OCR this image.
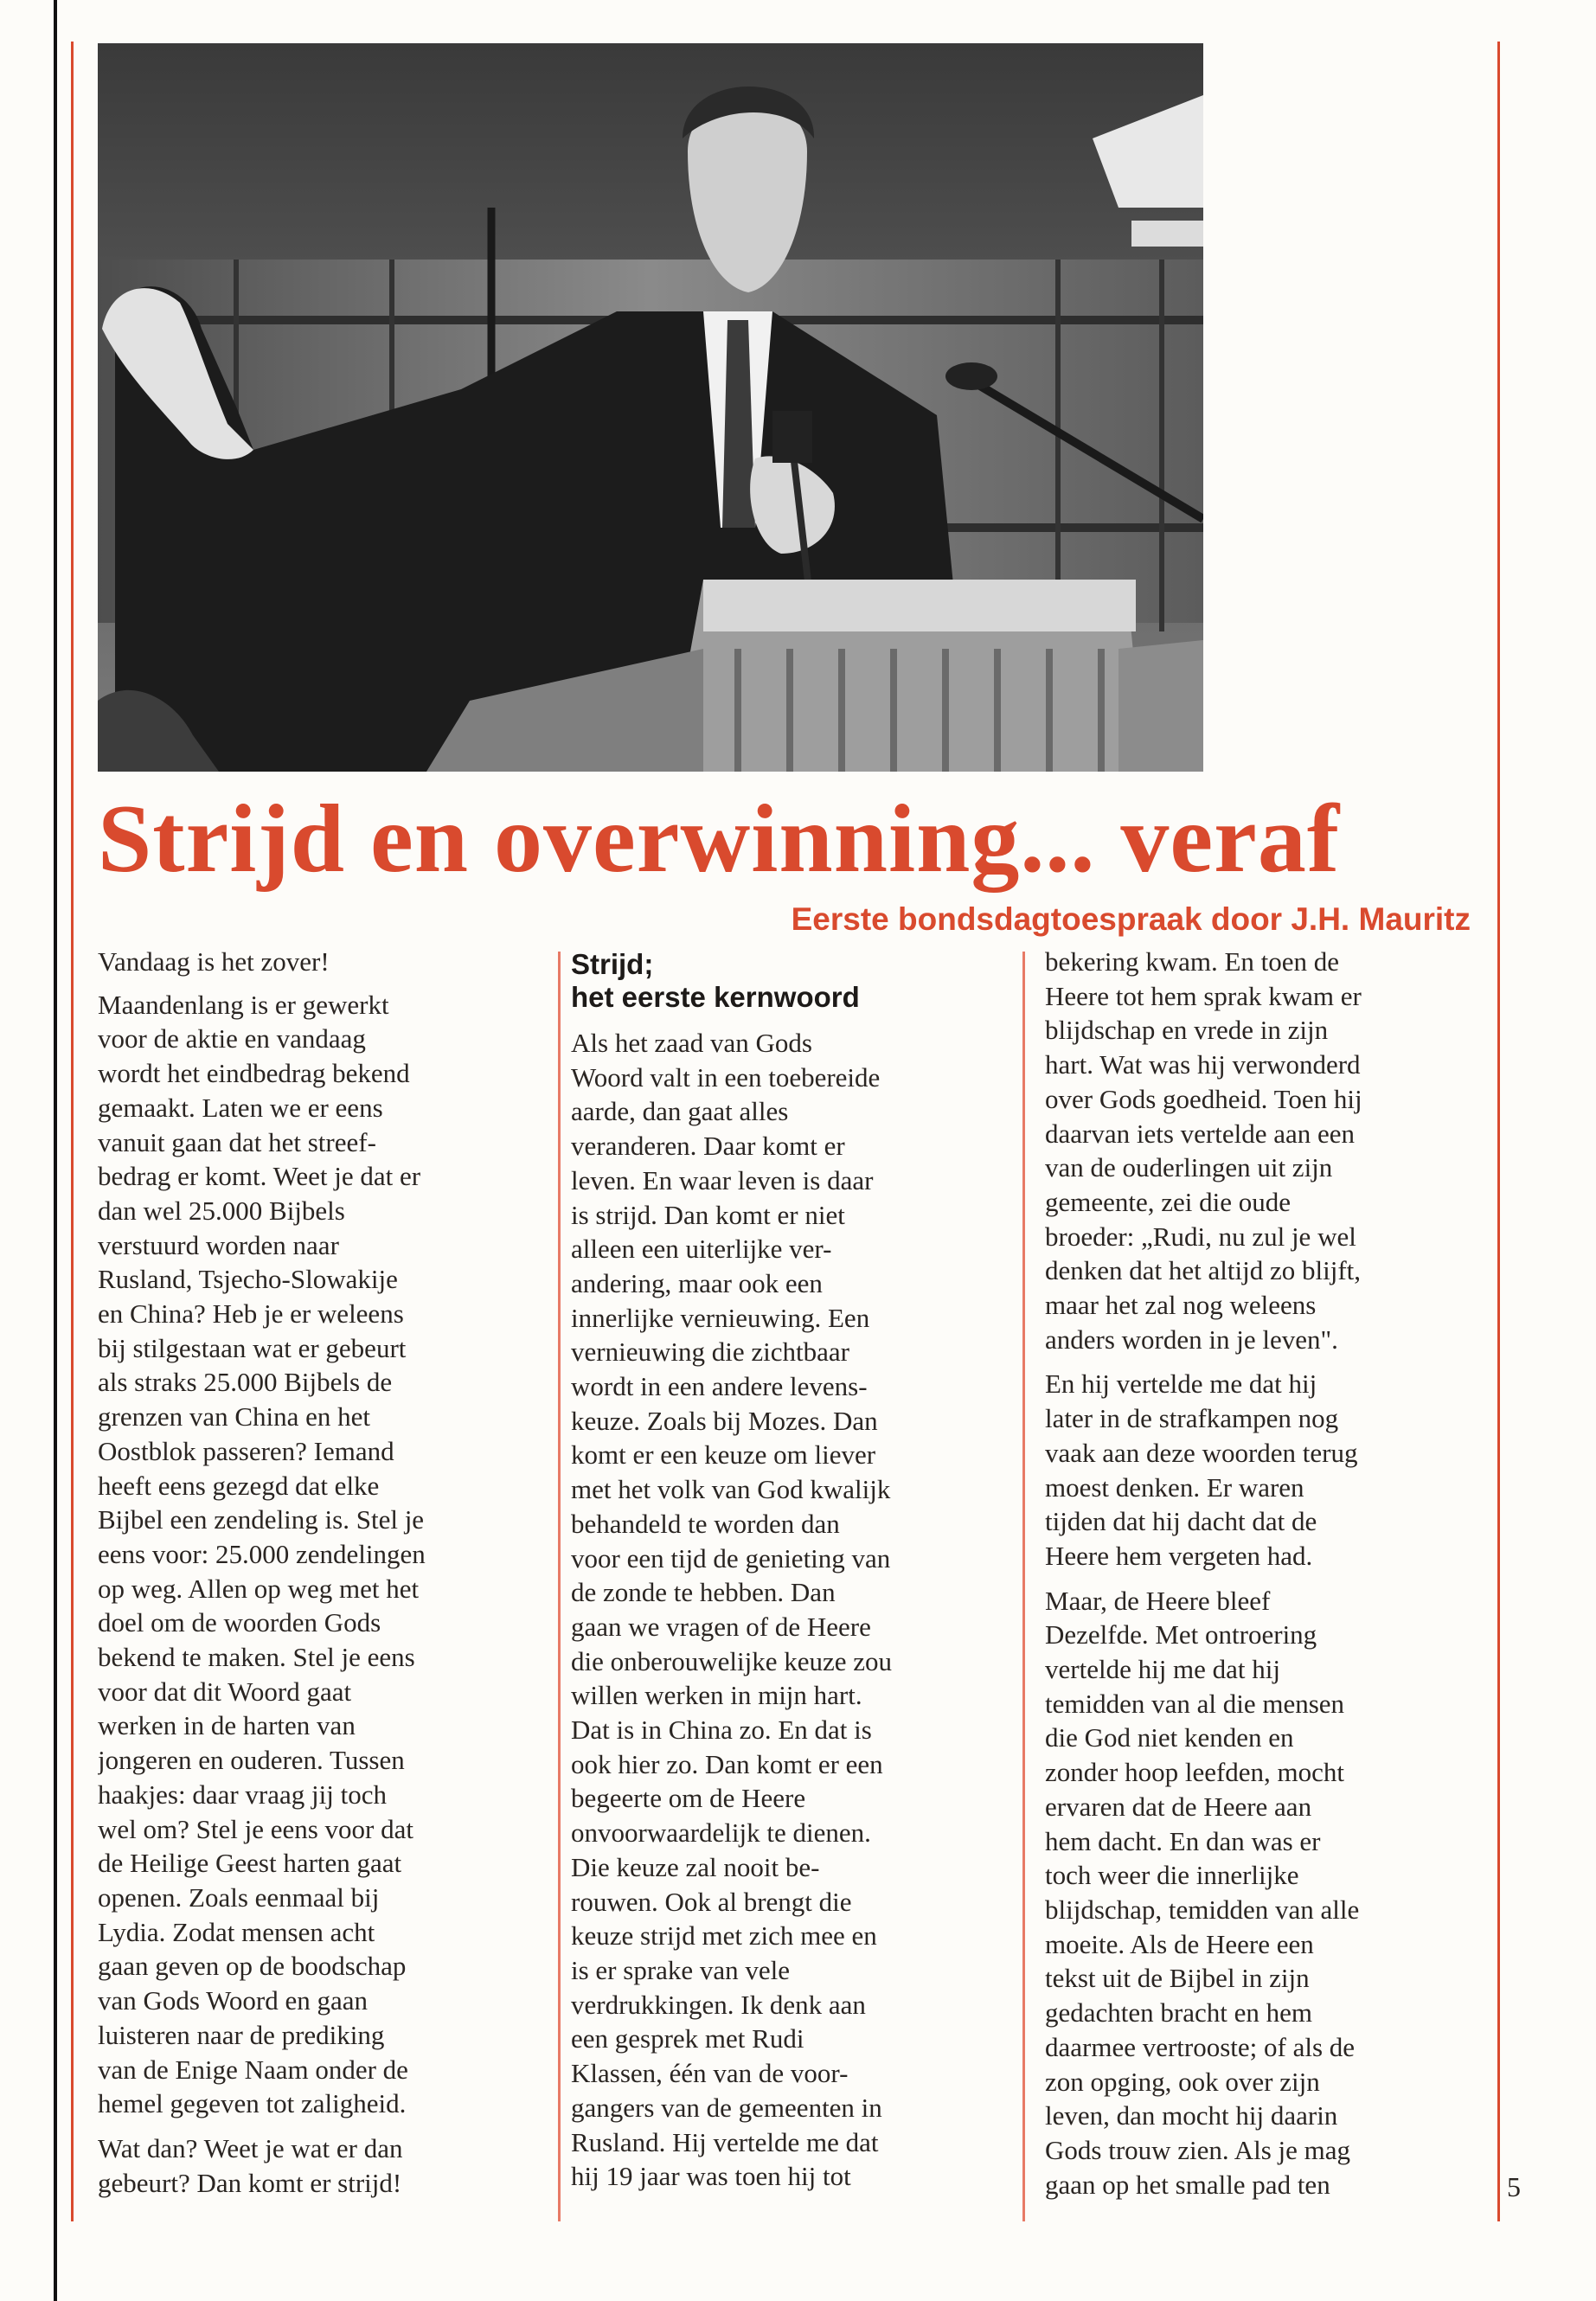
Strijd en overwinning... veraf
Eerste bondsdagtoespraak door J.H. Mauritz

Vandaag is het zover!

Maandenlang is er gewerkt
voor de aktie en vandaag
wordt het eindbedrag bekend
gemaakt. Laten we er eens
vanuit gaan dat het streef-
bedrag er komt. Weet je dat er
dan wel 25.000 Bijbels
verstuurd worden naar
Rusland, Tsjecho-Slowakije
en China? Heb je er weleens
bij stilgestaan wat er gebeurt
als straks 25.000 Bijbels de
grenzen van China en het
Oostblok passeren? Iemand
heeft eens gezegd dat elke
Bijbel een zendeling is. Stel je
eens voor: 25.000 zendelingen
op weg. Allen op weg met het
doel om de woorden Gods
bekend te maken. Stel je eens
voor dat dit Woord gaat
werken in de harten van
jongeren en ouderen. Tussen
haakjes: daar vraag jij toch
wel om? Stel je eens voor dat
de Heilige Geest harten gaat
openen. Zoals eenmaal bij
Lydia. Zodat mensen acht
gaan geven op de boodschap
van Gods Woord en gaan
luisteren naar de prediking
van de Enige Naam onder de
hemel gegeven tot zaligheid.

Wat dan? Weet je wat er dan
gebeurt? Dan komt er strijd!

Strijd;
het eerste kernwoord

Als het zaad van Gods
Woord valt in een toebereide
aarde, dan gaat alles
veranderen. Daar komt er
leven. En waar leven is daar
is strijd. Dan komt er niet
alleen een uiterlijke ver-
andering, maar ook een
innerlijke vernieuwing. Een
vernieuwing die zichtbaar
wordt in een andere levens-
keuze. Zoals bij Mozes. Dan
komt er een keuze om liever
met het volk van God kwalijk
behandeld te worden dan
voor een tijd de genieting van
de zonde te hebben. Dan
gaan we vragen of de Heere
die onberouwelijke keuze zou
willen werken in mijn hart.
Dat is in China zo. En dat is
ook hier zo. Dan komt er een
begeerte om de Heere
onvoorwaardelijk te dienen.
Die keuze zal nooit be-
rouwen. Ook al brengt die
keuze strijd met zich mee en
is er sprake van vele
verdrukkingen. Ik denk aan
een gesprek met Rudi
Klassen, één van de voor-
gangers van de gemeenten in
Rusland. Hij vertelde me dat
hij 19 jaar was toen hij tot

bekering kwam. En toen de
Heere tot hem sprak kwam er
blijdschap en vrede in zijn
hart. Wat was hij verwonderd
over Gods goedheid. Toen hij
daarvan iets vertelde aan een
van de ouderlingen uit zijn
gemeente, zei die oude
broeder: „Rudi, nu zul je wel
denken dat het altijd zo blijft,
maar het zal nog weleens
anders worden in je leven".

En hij vertelde me dat hij
later in de strafkampen nog
vaak aan deze woorden terug
moest denken. Er waren
tijden dat hij dacht dat de
Heere hem vergeten had.

Maar, de Heere bleef
Dezelfde. Met ontroering
vertelde hij me dat hij
temidden van al die mensen
die God niet kenden en
zonder hoop leefden, mocht
ervaren dat de Heere aan
hem dacht. En dan was er
toch weer die innerlijke
blijdschap, temidden van alle
moeite. Als de Heere een
tekst uit de Bijbel in zijn
gedachten bracht en hem
daarmee vertrooste; of als de
zon opging, ook over zijn
leven, dan mocht hij daarin
Gods trouw zien. Als je mag
gaan op het smalle pad ten	5
